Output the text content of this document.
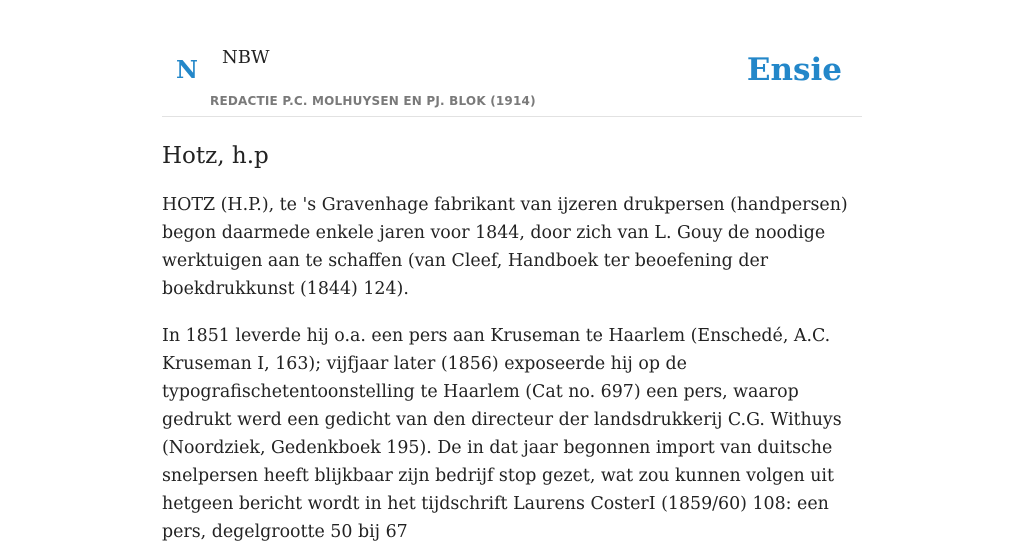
N NBW
REDACTIE P.C. MOLHUYSEN EN PJ. BLOK (1914)
Ensie
Hotz, h.p

HOTZ (H.P.), te 's Gravenhage fabrikant van ijzeren drukpersen (handpersen) begon daarmede enkele jaren voor 1844, door zich van L. Gouy de noodige werktuigen aan te schaffen (van Cleef, Handboek ter beoefening der boekdrukkunst (1844) 124).

In 1851 leverde hij o.a. een pers aan Kruseman te Haarlem (Enschedé, A.C. Kruseman I, 163); vijfjaar later (1856) exposeerde hij op de typografischetentoonstelling te Haarlem (Cat no. 697) een pers, waarop gedrukt werd een gedicht van den directeur der landsdrukkerij C.G. Withuys (Noordziek, Gedenkboek 195). De in dat jaar begonnen import van duitsche snelpersen heeft blijkbaar zijn bedrijf stop gezet, wat zou kunnen volgen uit hetgeen bericht wordt in het tijdschrift Laurens CosterI (1859/60) 108: een pers, degelgrootte 50 bij 67
